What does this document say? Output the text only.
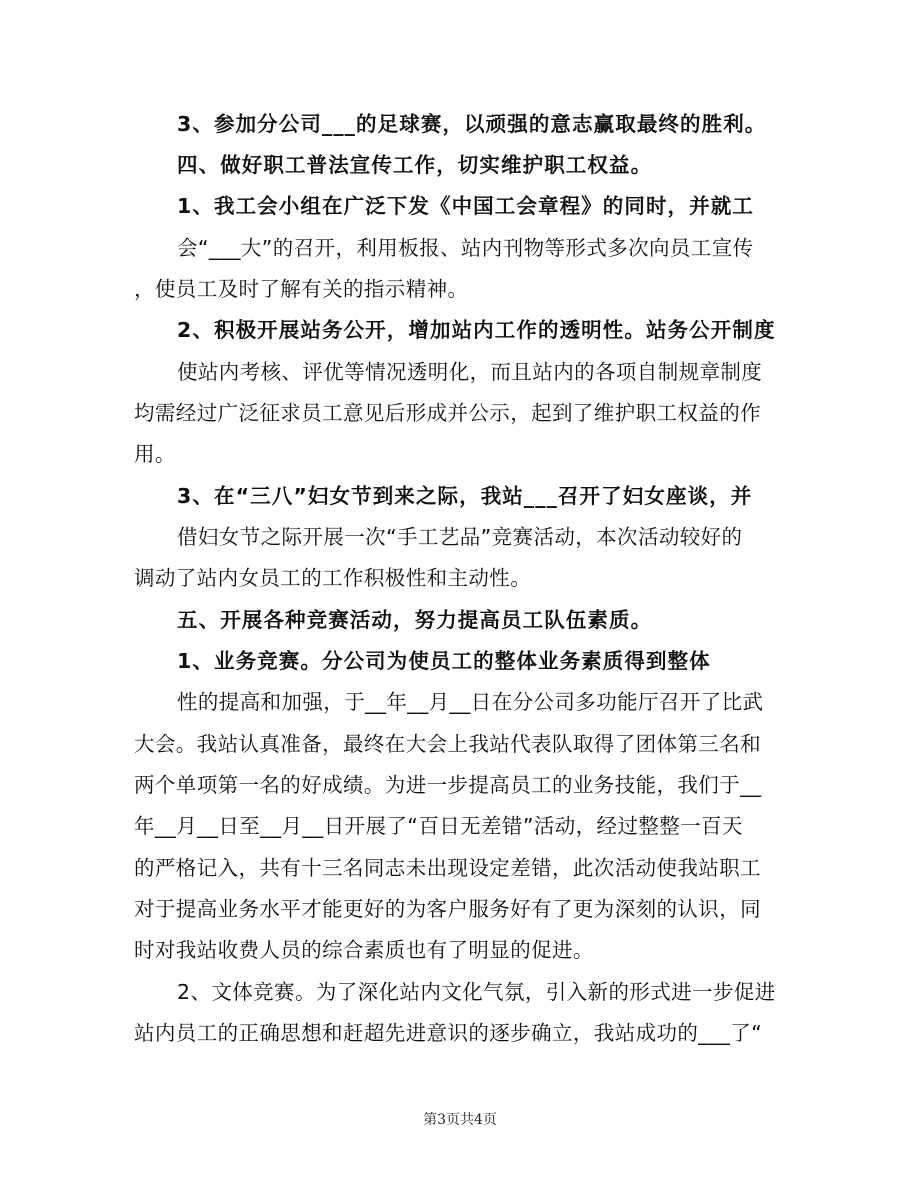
3、参加分公司___的足球赛，以顽强的意志赢取最终的胜利。
四、做好职工普法宣传工作，切实维护职工权益。
1、我工会小组在广泛下发《中国工会章程》的同时，并就工
会“___大”的召开，利用板报、站内刊物等形式多次向员工宣传
，使员工及时了解有关的指示精神。
2、积极开展站务公开，增加站内工作的透明性。站务公开制度
使站内考核、评优等情况透明化，而且站内的各项自制规章制度
均需经过广泛征求员工意见后形成并公示，起到了维护职工权益的作
用。
3、在“三八”妇女节到来之际，我站___召开了妇女座谈，并
借妇女节之际开展一次“手工艺品”竞赛活动，本次活动较好的
调动了站内女员工的工作积极性和主动性。
五、开展各种竞赛活动，努力提高员工队伍素质。
1、业务竞赛。分公司为使员工的整体业务素质得到整体
性的提高和加强，于__年__月__日在分公司多功能厅召开了比武
大会。我站认真准备，最终在大会上我站代表队取得了团体第三名和
两个单项第一名的好成绩。为进一步提高员工的业务技能，我们于__
年__月__日至__月__日开展了“百日无差错”活动，经过整整一百天
的严格记入，共有十三名同志未出现设定差错，此次活动使我站职工
对于提高业务水平才能更好的为客户服务好有了更为深刻的认识，同
时对我站收费人员的综合素质也有了明显的促进。
2、文体竞赛。为了深化站内文化气氛，引入新的形式进一步促进
站内员工的正确思想和赶超先进意识的逐步确立，我站成功的___了“
第3页共4页
